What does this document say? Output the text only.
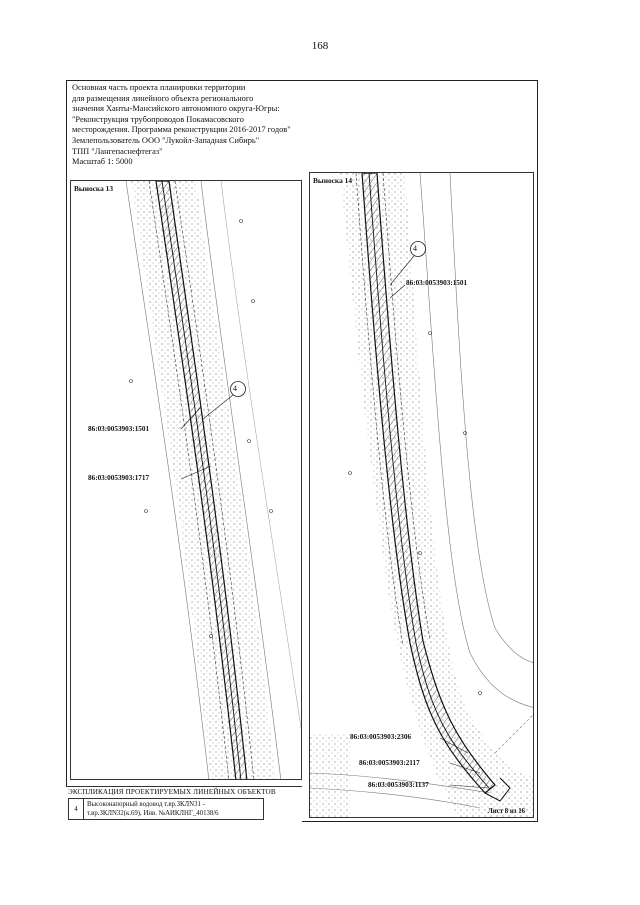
168
Основная часть проекта планировки территории
для размещения линейного объекта регионального
значения Ханты-Мансийского автономного округа-Югры:
"Реконструкция трубопроводов Покамасовского
месторождения. Программа реконструкции 2016-2017 годов"
Землепользователь ООО "Лукойл-Западная Сибирь"
ТПП "Лангепаснефтегаз"
Масштаб 1: 5000
Выноска 13
4
86:03:0053903:1501
86:03:0053903:1717
Выноска 14
4
86:03:0053903:1501
86:03:0053903:2306
86:03:0053903:2117
86:03:0053903:1137
Лист 8 из 16
ЭКСПЛИКАЦИЯ ПРОЕКТИРУЕМЫХ ЛИНЕЙНЫХ ОБЪЕКТОВ
4
Высоконапорный водовод т.вр.ЗКЛN31 -
т.вр.ЗКЛN32(к.69), Инв. №АИКЛНГ_40138/6
